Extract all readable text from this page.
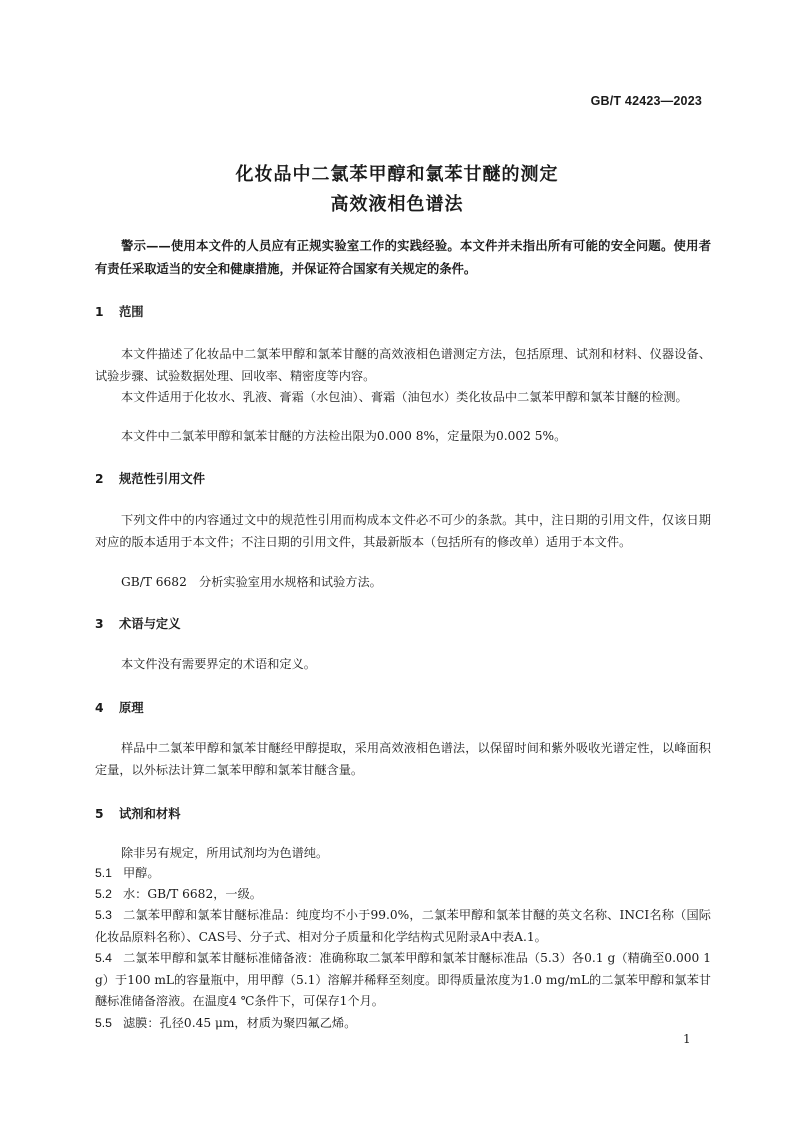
GB/T 42423—2023
化妆品中二氯苯甲醇和氯苯甘醚的测定
高效液相色谱法
警示——使用本文件的人员应有正规实验室工作的实践经验。本文件并未指出所有可能的安全问题。使用者有责任采取适当的安全和健康措施，并保证符合国家有关规定的条件。
1 范围
本文件描述了化妆品中二氯苯甲醇和氯苯甘醚的高效液相色谱测定方法，包括原理、试剂和材料、仪器设备、试验步骤、试验数据处理、回收率、精密度等内容。
本文件适用于化妆水、乳液、膏霜（水包油）、膏霜（油包水）类化妆品中二氯苯甲醇和氯苯甘醚的检测。
本文件中二氯苯甲醇和氯苯甘醚的方法检出限为0.000 8%，定量限为0.002 5%。
2 规范性引用文件
下列文件中的内容通过文中的规范性引用而构成本文件必不可少的条款。其中，注日期的引用文件，仅该日期对应的版本适用于本文件；不注日期的引用文件，其最新版本（包括所有的修改单）适用于本文件。
GB/T 6682　分析实验室用水规格和试验方法。
3 术语与定义
本文件没有需要界定的术语和定义。
4 原理
样品中二氯苯甲醇和氯苯甘醚经甲醇提取，采用高效液相色谱法，以保留时间和紫外吸收光谱定性，以峰面积定量，以外标法计算二氯苯甲醇和氯苯甘醚含量。
5 试剂和材料
除非另有规定，所用试剂均为色谱纯。
5.1 甲醇。
5.2 水：GB/T 6682，一级。
5.3 二氯苯甲醇和氯苯甘醚标准品：纯度均不小于99.0%，二氯苯甲醇和氯苯甘醚的英文名称、INCI名称（国际化妆品原料名称）、CAS号、分子式、相对分子质量和化学结构式见附录A中表A.1。
5.4 二氯苯甲醇和氯苯甘醚标准储备液：准确称取二氯苯甲醇和氯苯甘醚标准品（5.3）各0.1 g（精确至0.000 1 g）于100 mL的容量瓶中，用甲醇（5.1）溶解并稀释至刻度。即得质量浓度为1.0 mg/mL的二氯苯甲醇和氯苯甘醚标准储备溶液。在温度4 ℃条件下，可保存1个月。
5.5 滤膜：孔径0.45 μm，材质为聚四氟乙烯。
1
